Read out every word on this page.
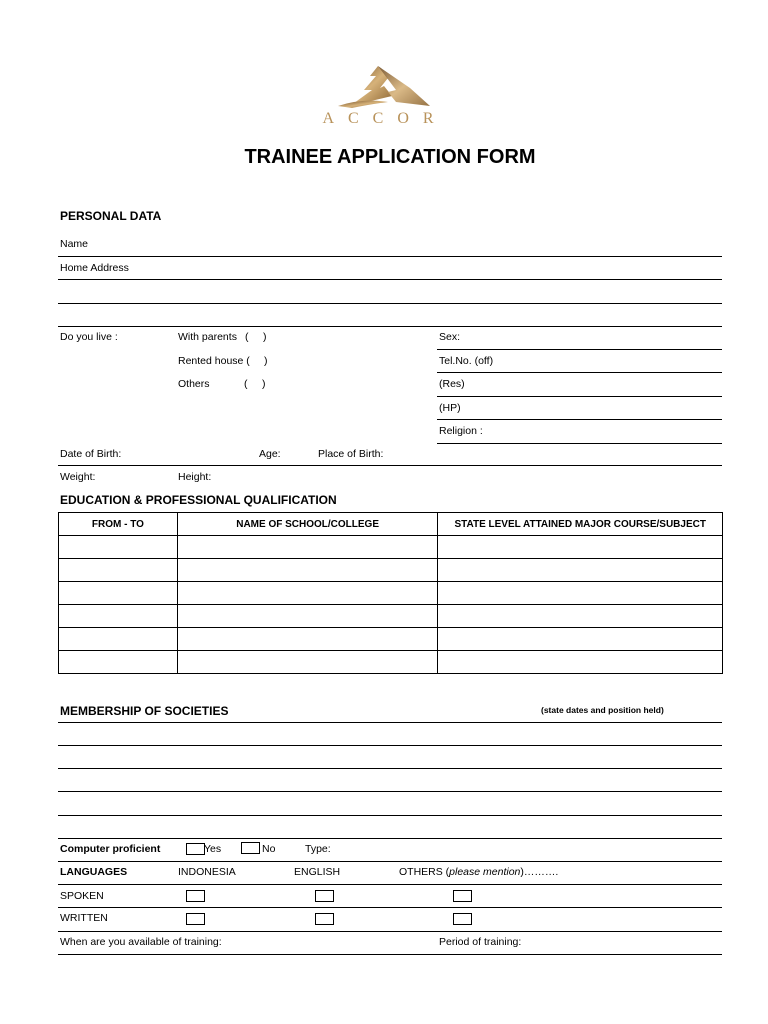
ACCOR
TRAINEE APPLICATION FORM
PERSONAL DATA
Name
Home Address
Do you live :	With parents ( )
Rented house ( )
Others	( )
Sex:
Tel.No. (off)
(Res)
(HP)
Religion :
Date of Birth:	Age:	Place of Birth:
Weight:	Height:
EDUCATION & PROFESSIONAL QUALIFICATION
FROM - TO	NAME OF SCHOOL/COLLEGE	STATE LEVEL ATTAINED MAJOR COURSE/SUBJECT

MEMBERSHIP OF SOCIETIES	(state dates and position held)
Computer proficient	Yes	No	Type:
LANGUAGES	INDONESIA	ENGLISH	OTHERS (please mention)……….
SPOKEN
WRITTEN
When are you available of training:	Period of training:
